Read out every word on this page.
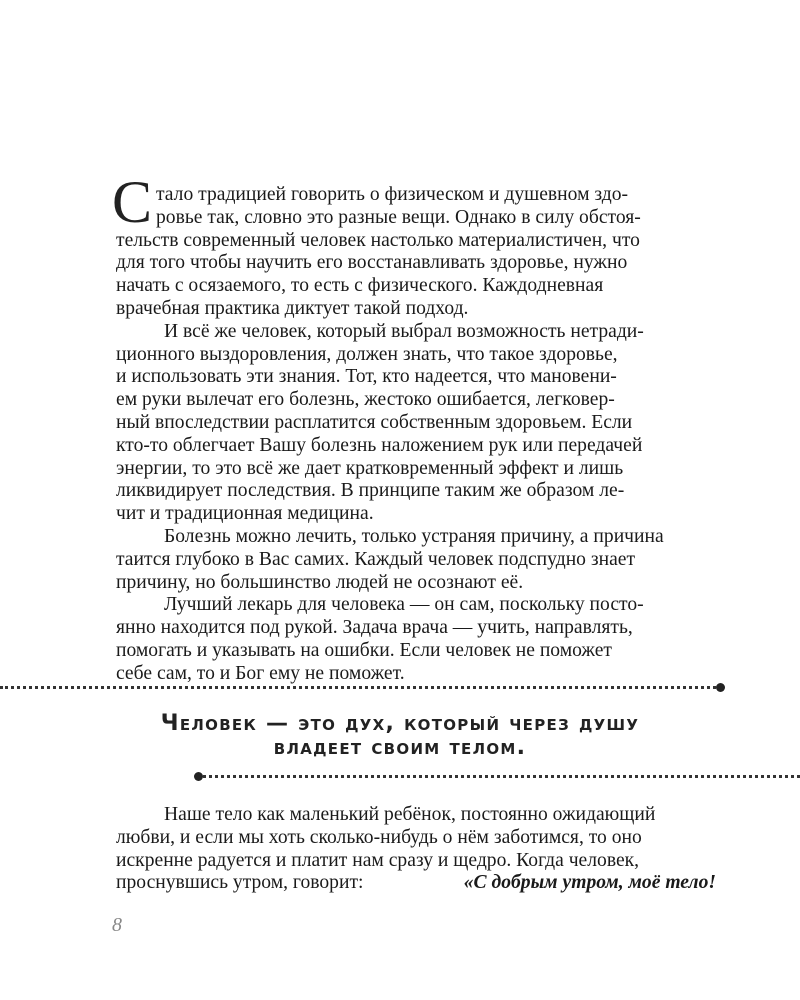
С тало традицией говорить о физическом и душевном здо-
ровье так, словно это разные вещи. Однако в силу обстоя-
тельств современный человек настолько материалистичен, что
для того чтобы научить его восстанавливать здоровье, нужно
начать с осязаемого, то есть с физического. Каждодневная
врачебная практика диктует такой подход.
И всё же человек, который выбрал возможность нетради-
ционного выздоровления, должен знать, что такое здоровье,
и использовать эти знания. Тот, кто надеется, что мановени-
ем руки вылечат его болезнь, жестоко ошибается, легковер-
ный впоследствии расплатится собственным здоровьем. Если
кто-то облегчает Вашу болезнь наложением рук или передачей
энергии, то это всё же дает кратковременный эффект и лишь
ликвидирует последствия. В принципе таким же образом ле-
чит и традиционная медицина.
Болезнь можно лечить, только устраняя причину, а причина
таится глубоко в Вас самих. Каждый человек подспудно знает
причину, но большинство людей не осознают её.
Лучший лекарь для человека — он сам, поскольку посто-
янно находится под рукой. Задача врача — учить, направлять,
помогать и указывать на ошибки. Если человек не поможет
себе сам, то и Бог ему не поможет.
Человек — это дух, который через душу
владеет своим телом.
Наше тело как маленький ребёнок, постоянно ожидающий
любви, и если мы хоть сколько-нибудь о нём заботимся, то оно
искренне радуется и платит нам сразу и щедро. Когда человек,
проснувшись утром, говорит:	«С добрым утром, моё тело!
8
